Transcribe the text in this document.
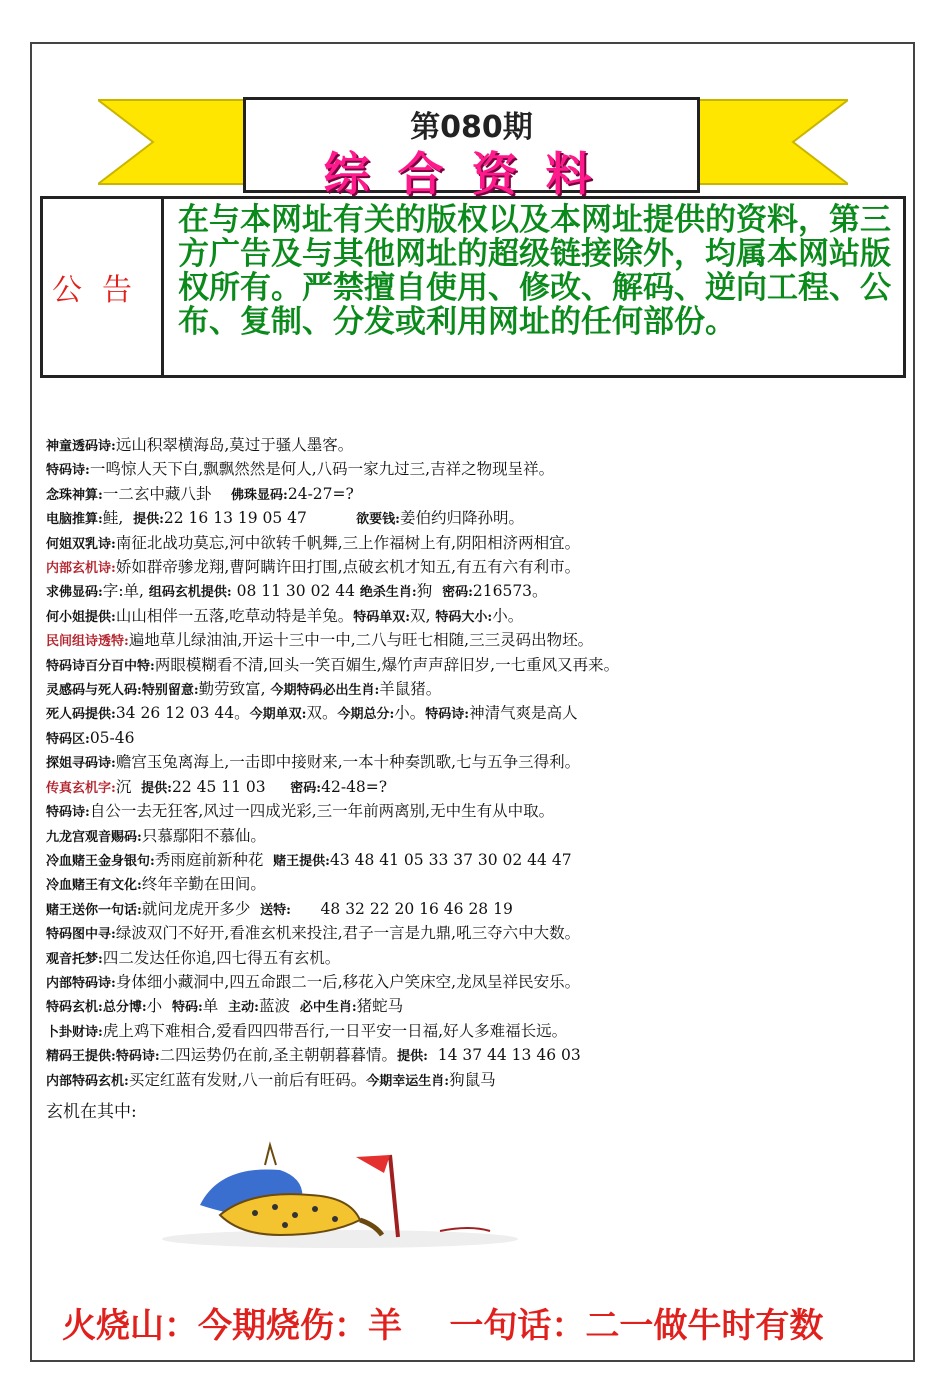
第080期
综合资料
公告
在与本网址有关的版权以及本网址提供的资料，第三方广告及与其他网址的超级链接除外，均属本网站版权所有。严禁擅自使用、修改、解码、逆向工程、公布、复制、分发或利用网址的任何部份。
神童透码诗:远山积翠横海岛,莫过于骚人墨客。
特码诗:一鸣惊人天下白,飘飘然然是何人,八码一家九过三,吉祥之物现呈祥。
念珠神算:一二玄中藏八卦    佛珠显码:24-27=?
电脑推算:鲑,  提供:22 16 13 19 05 47          欲要钱:姜伯约归降孙明。
何姐双乳诗:南征北战功莫忘,河中欲转千帆舞,三上作福树上有,阴阳相济两相宜。
内部玄机诗:娇如群帝骖龙翔,曹阿瞒许田打围,点破玄机才知五,有五有六有利市。
求佛显码:字:单, 组码玄机提供: 08 11 30 02 44 绝杀生肖:狗  密码:216573。
何小姐提供:山山相伴一五落,吃草动特是羊兔。特码单双:双, 特码大小:小。
民间组诗透特:遍地草儿绿油油,开运十三中一中,二八与旺七相随,三三灵码出物坯。
特码诗百分百中特:两眼模糊看不清,回头一笑百媚生,爆竹声声辞旧岁,一七重风又再来。
灵感码与死人码:特别留意:勤劳致富, 今期特码必出生肖:羊鼠猪。
死人码提供:34 26 12 03 44。今期单双:双。今期总分:小。特码诗:神清气爽是高人
特码区:05-46
探姐寻码诗:赡宫玉兔离海上,一击即中接财来,一本十种奏凯歌,七与五争三得利。
传真玄机字:沉  提供:22 45 11 03     密码:42-48=?
特码诗:自公一去无狂客,风过一四成光彩,三一年前两离别,无中生有从中取。
九龙宫观音赐码:只慕鄢阳不慕仙。
冷血赌王金身银句:秀雨庭前新种花  赌王提供:43 48 41 05 33 37 30 02 44 47
冷血赌王有文化:终年辛勤在田间。
赌王送你一句话:就问龙虎开多少  送特:      48 32 22 20 16 46 28 19
特码图中寻:绿波双门不好开,看准玄机来投注,君子一言是九鼎,吼三夺六中大数。
观音托梦:四二发达任你追,四七得五有玄机。
内部特码诗:身体细小藏洞中,四五命跟二一后,移花入户笑床空,龙凤呈祥民安乐。
特码玄机:总分博:小  特码:单  主动:蓝波  必中生肖:猪蛇马
卜卦财诗:虎上鸡下难相合,爱看四四带吾行,一日平安一日福,好人多难福长远。
精码王提供:特码诗:二四运势仍在前,圣主朝朝暮暮情。提供:  14 37 44 13 46 03
内部特码玄机:买定红蓝有发财,八一前后有旺码。今期幸运生肖:狗鼠马
玄机在其中:
火烧山：今期烧伤：羊 一句话：二一做牛时有数
